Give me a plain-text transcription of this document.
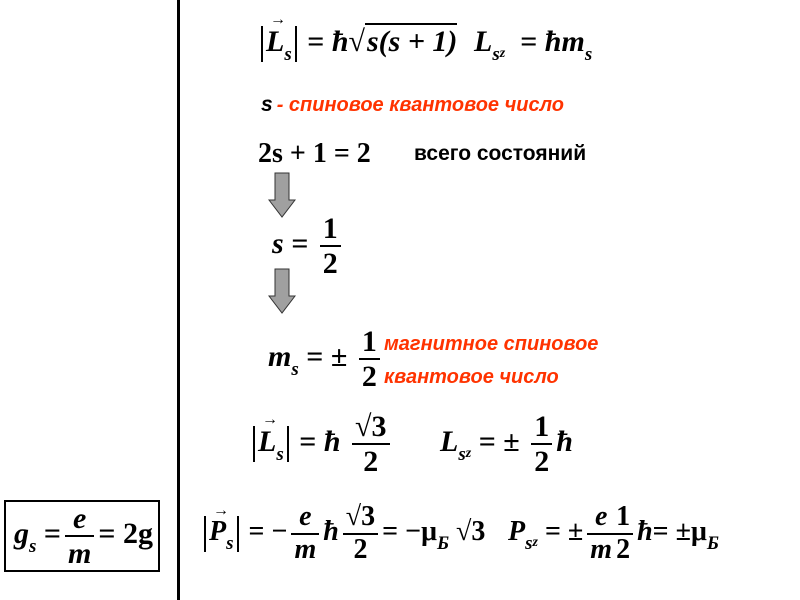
→ $L_s$ = ħ√s(s + 1) $L_{sz}$  = $ħm_s$
s - спиновое квантовое число
2s + 1 = 2 всего состояний
$s = \frac{1}{2}$
$m_s$ = ± $\frac{1}{2}$ магнитное спиновое
квантовое число
→ $L_s$ = ħ $\frac{√3}{2} L_{sz}$ = ± $\frac{1}{2}$ ħ
$g_s = \frac{e}{m} = 2g$
→ $P_s$ = − $\frac{e}{m}$ ħ $\frac{√3}{2} = -\mu_Б$ √3 $P_{sz}$ = ± $\frac{e}{m}$
$\frac{1}{2}$ ħ= $\pm\mu_Б$
